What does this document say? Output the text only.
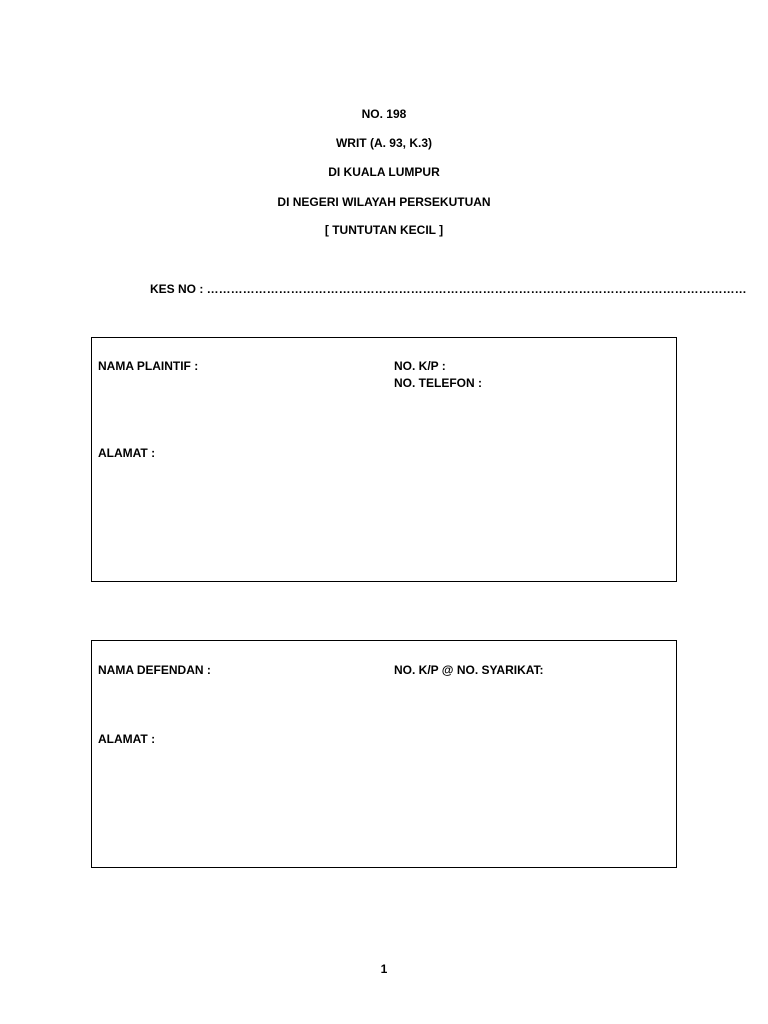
NO. 198
WRIT (A. 93, K.3)
DI KUALA LUMPUR
DI NEGERI WILAYAH PERSEKUTUAN
[ TUNTUTAN KECIL ]
KES NO : ………………………………………………………………………………………………………………………
NAMA PLAINTIF :	NO. K/P :
NO. TELEFON :
ALAMAT :
NAMA DEFENDAN :	NO. K/P @ NO. SYARIKAT:
ALAMAT :
1
